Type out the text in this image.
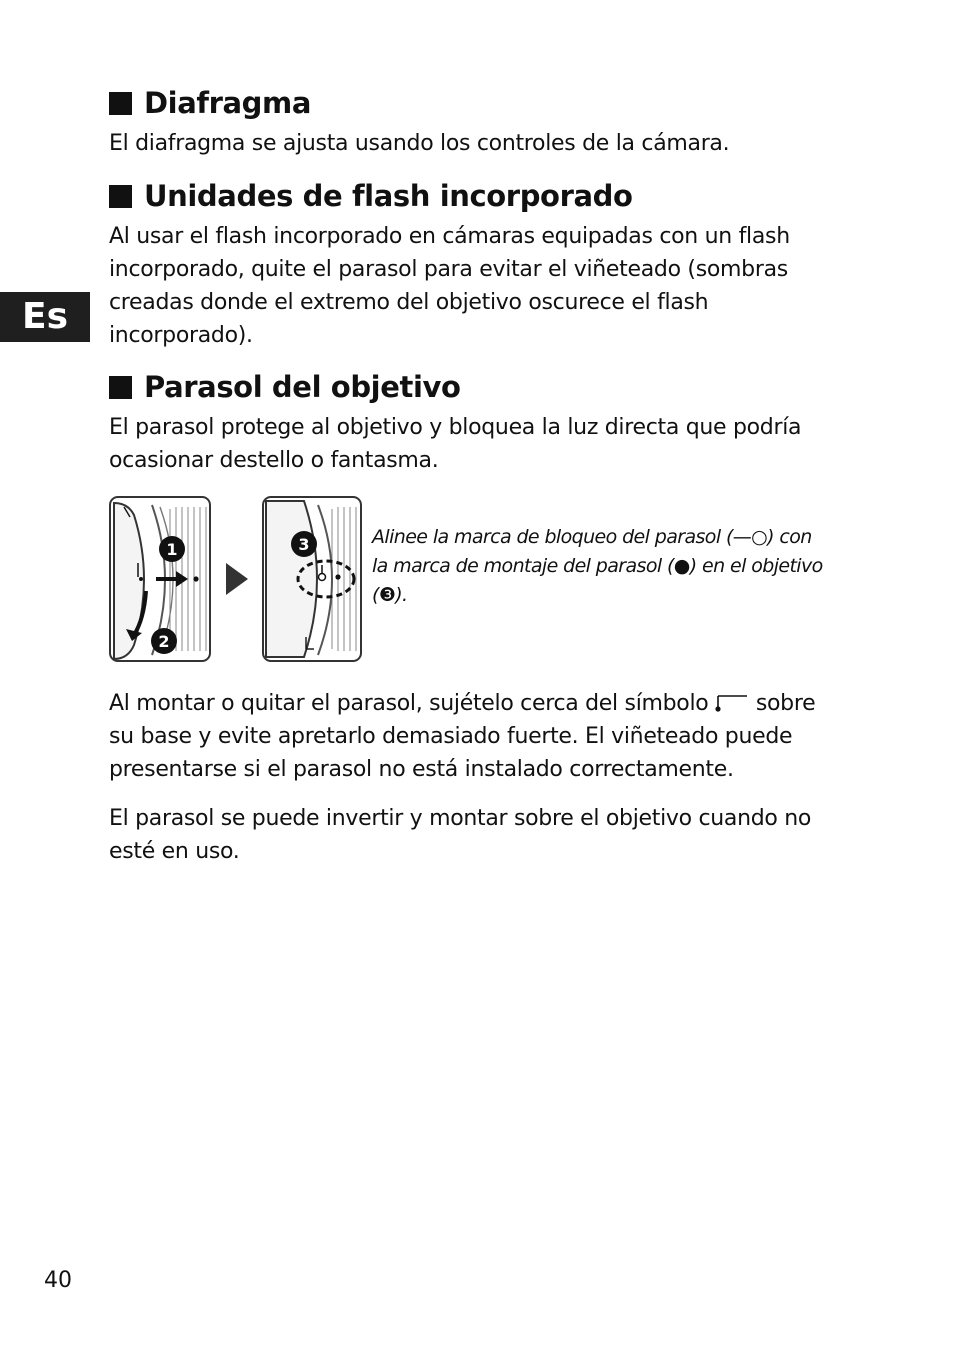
Es
Diafragma

El diafragma se ajusta usando los controles de la cámara.

Unidades de flash incorporado

Al usar el flash incorporado en cámaras equipadas con un flash
incorporado, quite el parasol para evitar el viñeteado (sombras
creadas donde el extremo del objetivo oscurece el flash
incorporado).

Parasol del objetivo

El parasol protege al objetivo y bloquea la luz directa que podría
ocasionar destello o fantasma.

Al montar o quitar el parasol, sujételo cerca del símbolo sobre
su base y evite apretarlo demasiado fuerte. El viñeteado puede
presentarse si el parasol no está instalado correctamente.

El parasol se puede invertir y montar sobre el objetivo cuando no
esté en uso.

1
2
3	Alinee la marca de bloqueo del parasol (—○) con
la marca de montaje del parasol (●) en el objetivo
(❸).
40
